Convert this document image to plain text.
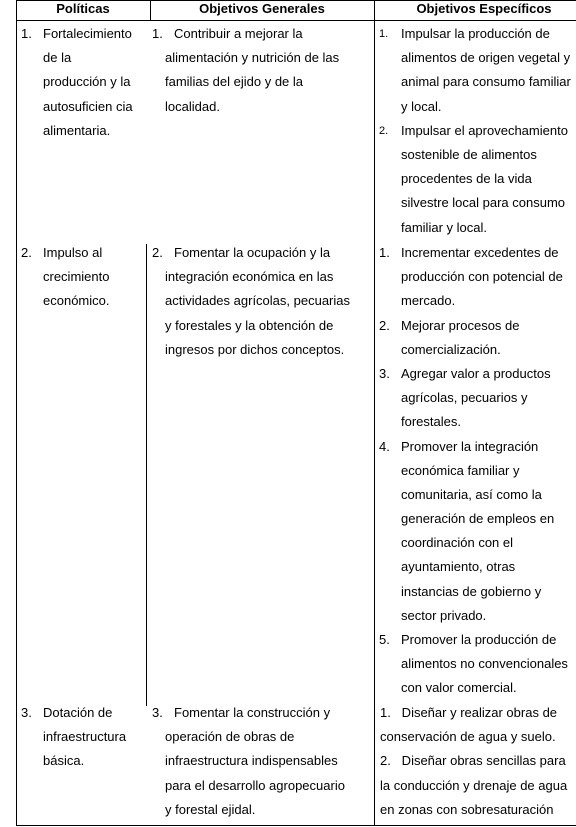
Políticas	Objetivos Generales	Objetivos Específicos
1. Fortalecimiento
de la
producción y la
autosuficien cia
alimentaria.
1. Contribuir a mejorar la
alimentación y nutrición de las
familias del ejido y de la
localidad.
1. Impulsar la producción de
alimentos de origen vegetal y
animal para consumo familiar
y local.
2. Impulsar el aprovechamiento
sostenible de alimentos
procedentes de la vida
silvestre local para consumo
familiar y local.
2. Impulso al
crecimiento
económico.
2. Fomentar la ocupación y la
integración económica en las
actividades agrícolas, pecuarias
y forestales y la obtención de
ingresos por dichos conceptos.
1. Incrementar excedentes de
producción con potencial de
mercado.
2. Mejorar procesos de
comercialización.
3. Agregar valor a productos
agrícolas, pecuarios y
forestales.
4. Promover la integración
económica familiar y
comunitaria, así como la
generación de empleos en
coordinación con el
ayuntamiento, otras
instancias de gobierno y
sector privado.
5. Promover la producción de
alimentos no convencionales
con valor comercial.
3. Dotación de
infraestructura
básica.
3. Fomentar la construcción y
operación de obras de
infraestructura indispensables
para el desarrollo agropecuario
y forestal ejidal.
1.   Diseñar y realizar obras de
conservación de agua y suelo.
2.   Diseñar obras sencillas para
la conducción y drenaje de agua
en zonas con sobresaturación
